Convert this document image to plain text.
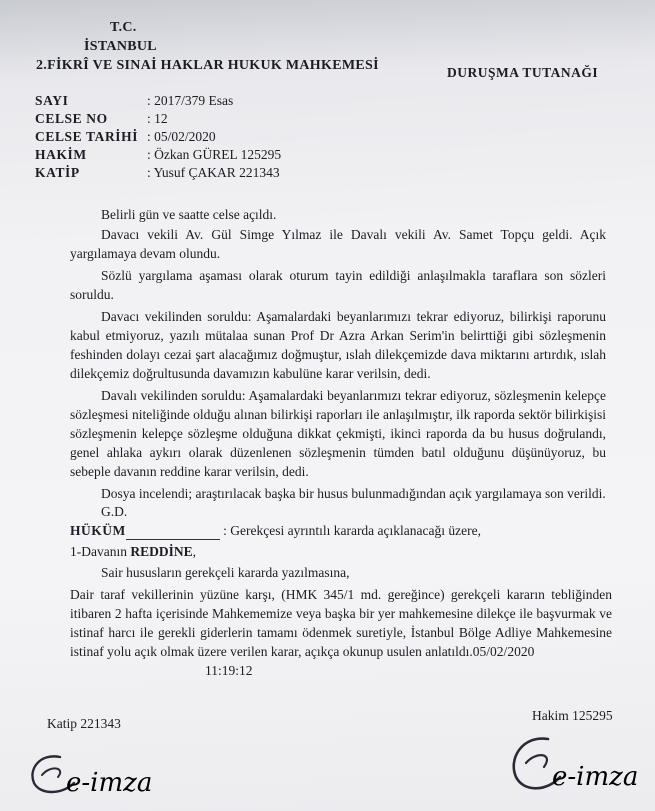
T.C.
İSTANBUL
2.FİKRÎ VE SINAİ HAKLAR HUKUK MAHKEMESİ	DURUŞMA TUTANAĞI
SAYI	: 2017/379 Esas
CELSE NO	: 12
CELSE TARİHİ : 05/02/2020
HAKİM	: Özkan GÜREL 125295
KATİP	: Yusuf ÇAKAR 221343

Belirli gün ve saatte celse açıldı.

Davacı vekili Av. Gül Simge Yılmaz ile Davalı vekili Av. Samet Topçu geldi. Açık yargılamaya devam olundu.

Sözlü yargılama aşaması olarak oturum tayin edildiği anlaşılmakla taraflara son sözleri soruldu.

Davacı vekilinden soruldu: Aşamalardaki beyanlarımızı tekrar ediyoruz, bilirkişi raporunu kabul etmiyoruz, yazılı mütalaa sunan Prof Dr Azra Arkan Serim'in belirttiği gibi sözleşmenin feshinden dolayı cezai şart alacağımız doğmuştur, ıslah dilekçemizde dava miktarını artırdık, ıslah dilekçemiz doğrultusunda davamızın kabulüne karar verilsin, dedi.

Davalı vekilinden soruldu: Aşamalardaki beyanlarımızı tekrar ediyoruz, sözleşmenin kelepçe sözleşmesi niteliğinde olduğu alınan bilirkişi raporları ile anlaşılmıştır, ilk raporda sektör bilirkişisi sözleşmenin kelepçe sözleşme olduğuna dikkat çekmişti, ikinci raporda da bu husus doğrulandı, genel ahlaka aykırı olarak düzenlenen sözleşmenin tümden batıl olduğunu düşünüyoruz, bu sebeple davanın reddine karar verilsin, dedi.

Dosya incelendi; araştırılacak başka bir husus bulunmadığından açık yargılamaya son verildi.

G.D.
HÜKÜM	: Gerekçesi ayrıntılı kararda açıklanacağı üzere,
1-Davanın REDDİNE,
Sair hususların gerekçeli kararda yazılmasına,

Dair taraf vekillerinin yüzüne karşı, (HMK 345/1 md. gereğince) gerekçeli kararın tebliğinden itibaren 2 hafta içerisinde Mahkememize veya başka bir yer mahkemesine dilekçe ile başvurmak ve istinaf harcı ile gerekli giderlerin tamamı ödenmek suretiyle, İstanbul Bölge Adliye Mahkemesine istinaf yolu açık olmak üzere verilen karar, açıkça okunup usulen anlatıldı.05/02/2020

11:19:12
Katip 221343
Hakim 125295
e-imza	e-imza
